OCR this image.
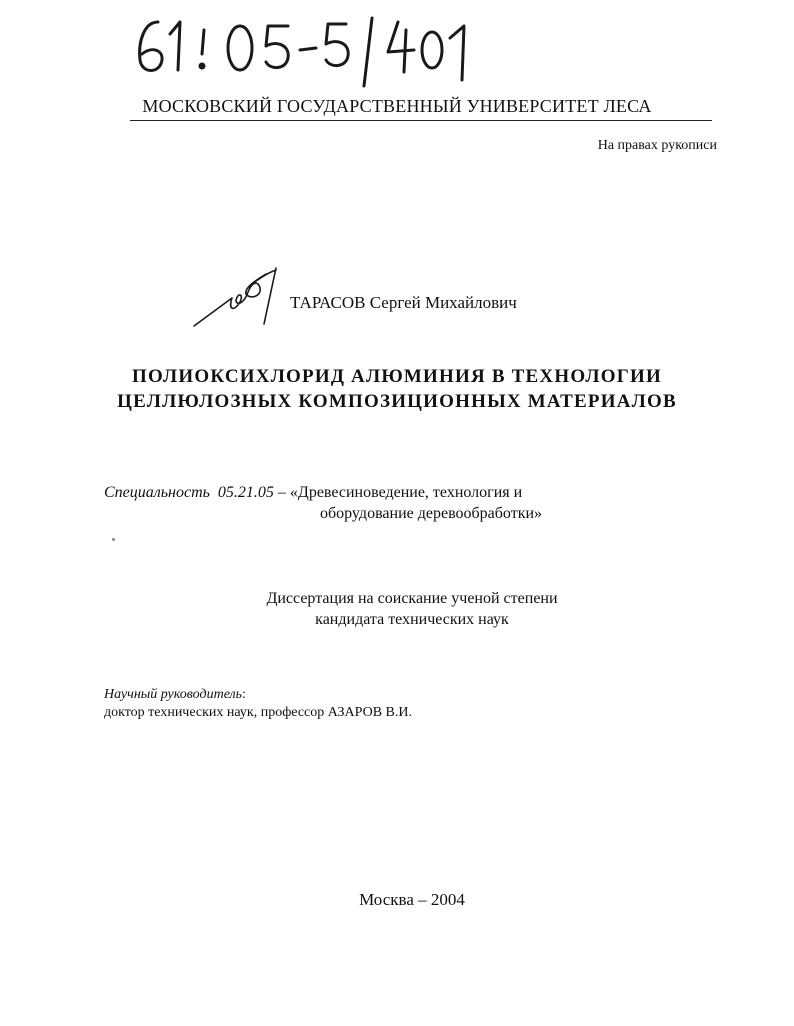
МОСКОВСКИЙ ГОСУДАРСТВЕННЫЙ УНИВЕРСИТЕТ ЛЕСА
На правах рукописи
ТАРАСОВ Сергей Михайлович
ПОЛИОКСИХЛОРИД АЛЮМИНИЯ В ТЕХНОЛОГИИ
ЦЕЛЛЮЛОЗНЫХ КОМПОЗИЦИОННЫХ МАТЕРИАЛОВ
Специальность 05.21.05 – «Древесиноведение, технология и
оборудование деревообработки»
Диссертация на соискание ученой степени
кандидата технических наук
Научный руководитель:
доктор технических наук, профессор АЗАРОВ В.И.
Москва – 2004
